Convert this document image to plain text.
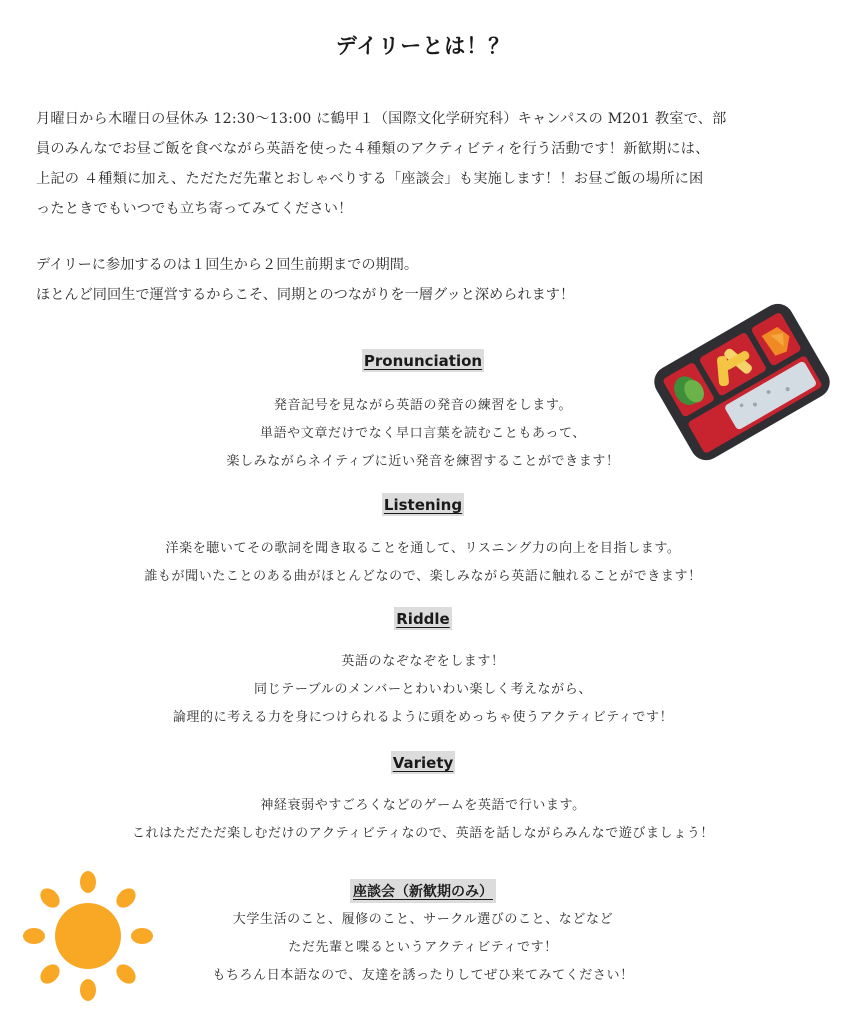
デイリーとは！？

月曜日から木曜日の昼休み 12:30〜13:00 に鶴甲１（国際文化学研究科）キャンパスの M201 教室で、部

員のみんなでお昼ご飯を食べながら英語を使った４種類のアクティビティを行う活動です！新歓期には、

上記の ４種類に加え、ただただ先輩とおしゃべりする「座談会」も実施します！！お昼ご飯の場所に困

ったときでもいつでも立ち寄ってみてください！

デイリーに参加するのは１回生から２回生前期までの期間。

ほとんど同回生で運営するからこそ、同期とのつながりを一層グッと深められます！

Pronunciation

発音記号を見ながら英語の発音の練習をします。

単語や文章だけでなく早口言葉を読むこともあって、

楽しみながらネイティブに近い発音を練習することができます！

Listening

洋楽を聴いてその歌詞を聞き取ることを通して、リスニング力の向上を目指します。

誰もが聞いたことのある曲がほとんどなので、楽しみながら英語に触れることができます！

Riddle

英語のなぞなぞをします！

同じテーブルのメンバーとわいわい楽しく考えながら、

論理的に考える力を身につけられるように頭をめっちゃ使うアクティビティです！

Variety

神経衰弱やすごろくなどのゲームを英語で行います。

これはただただ楽しむだけのアクティビティなので、英語を話しながらみんなで遊びましょう！

座談会（新歓期のみ）

大学生活のこと、履修のこと、サークル選びのこと、などなど

ただ先輩と喋るというアクティビティです！

もちろん日本語なので、友達を誘ったりしてぜひ来てみてください！
